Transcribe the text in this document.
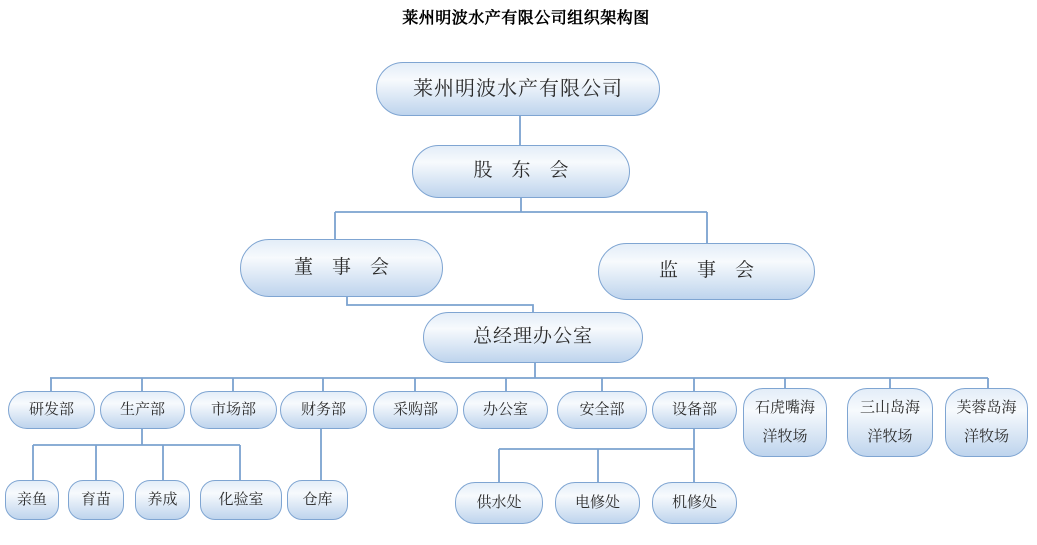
莱州明波水产有限公司组织架构图
莱州明波水产有限公司
股　东　会
董　事　会	监　事　会
总经理办公室
研发部	生产部	市场部	财务部	采购部	办公室	安全部	设备部	石虎嘴海洋牧场
三山岛海洋牧场
芙蓉岛海洋牧场
亲鱼	育苗	养成	化验室	仓库	供水处	电修处	机修处
